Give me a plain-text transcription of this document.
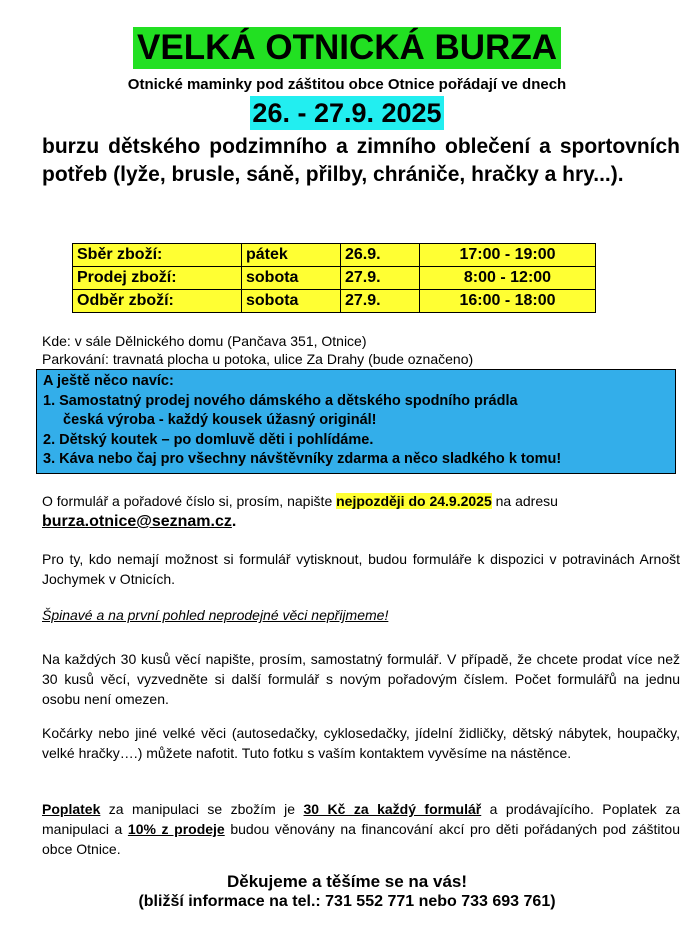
VELKÁ OTNICKÁ BURZA
Otnické maminky pod záštitou obce Otnice pořádají ve dnech
26. - 27.9. 2025
burzu dětského podzimního a zimního oblečení a sportovních potřeb (lyže, brusle, sáně, přilby, chrániče, hračky a hry...).
Sběr zboží:	pátek	26.9.	17:00 - 19:00
Prodej zboží:	sobota	27.9.	8:00 - 12:00
Odběr zboží:	sobota	27.9.	16:00 - 18:00
Kde: v sále Dělnického domu (Pančava 351, Otnice)
Parkování: travnatá plocha u potoka, ulice Za Drahy (bude označeno)
A ještě něco navíc:
1. Samostatný prodej nového dámského a dětského spodního prádla
česká výroba - každý kousek úžasný originál!
2. Dětský koutek – po domluvě děti i pohlídáme.
3. Káva nebo čaj pro všechny návštěvníky zdarma a něco sladkého k tomu!
O formulář a pořadové číslo si, prosím, napište nejpozději do 24.9.2025 na adresu
burza.otnice@seznam.cz.
Pro ty, kdo nemají možnost si formulář vytisknout, budou formuláře k dispozici v potravinách Arnošt Jochymek v Otnicích.
Špinavé a na první pohled neprodejné věci nepřijmeme!
Na každých 30 kusů věcí napište, prosím, samostatný formulář. V případě, že chcete prodat více než 30 kusů věcí, vyzvedněte si další formulář s novým pořadovým číslem. Počet formulářů na jednu osobu není omezen.
Kočárky nebo jiné velké věci (autosedačky, cyklosedačky, jídelní židličky, dětský nábytek, houpačky, velké hračky….) můžete nafotit. Tuto fotku s vaším kontaktem vyvěsíme na nástěnce.
Poplatek za manipulaci se zbožím je 30 Kč za každý formulář a prodávajícího. Poplatek za manipulaci a 10% z prodeje budou věnovány na financování akcí pro děti pořádaných pod záštitou obce Otnice.
Děkujeme a těšíme se na vás!
(bližší informace na tel.: 731 552 771 nebo 733 693 761)
